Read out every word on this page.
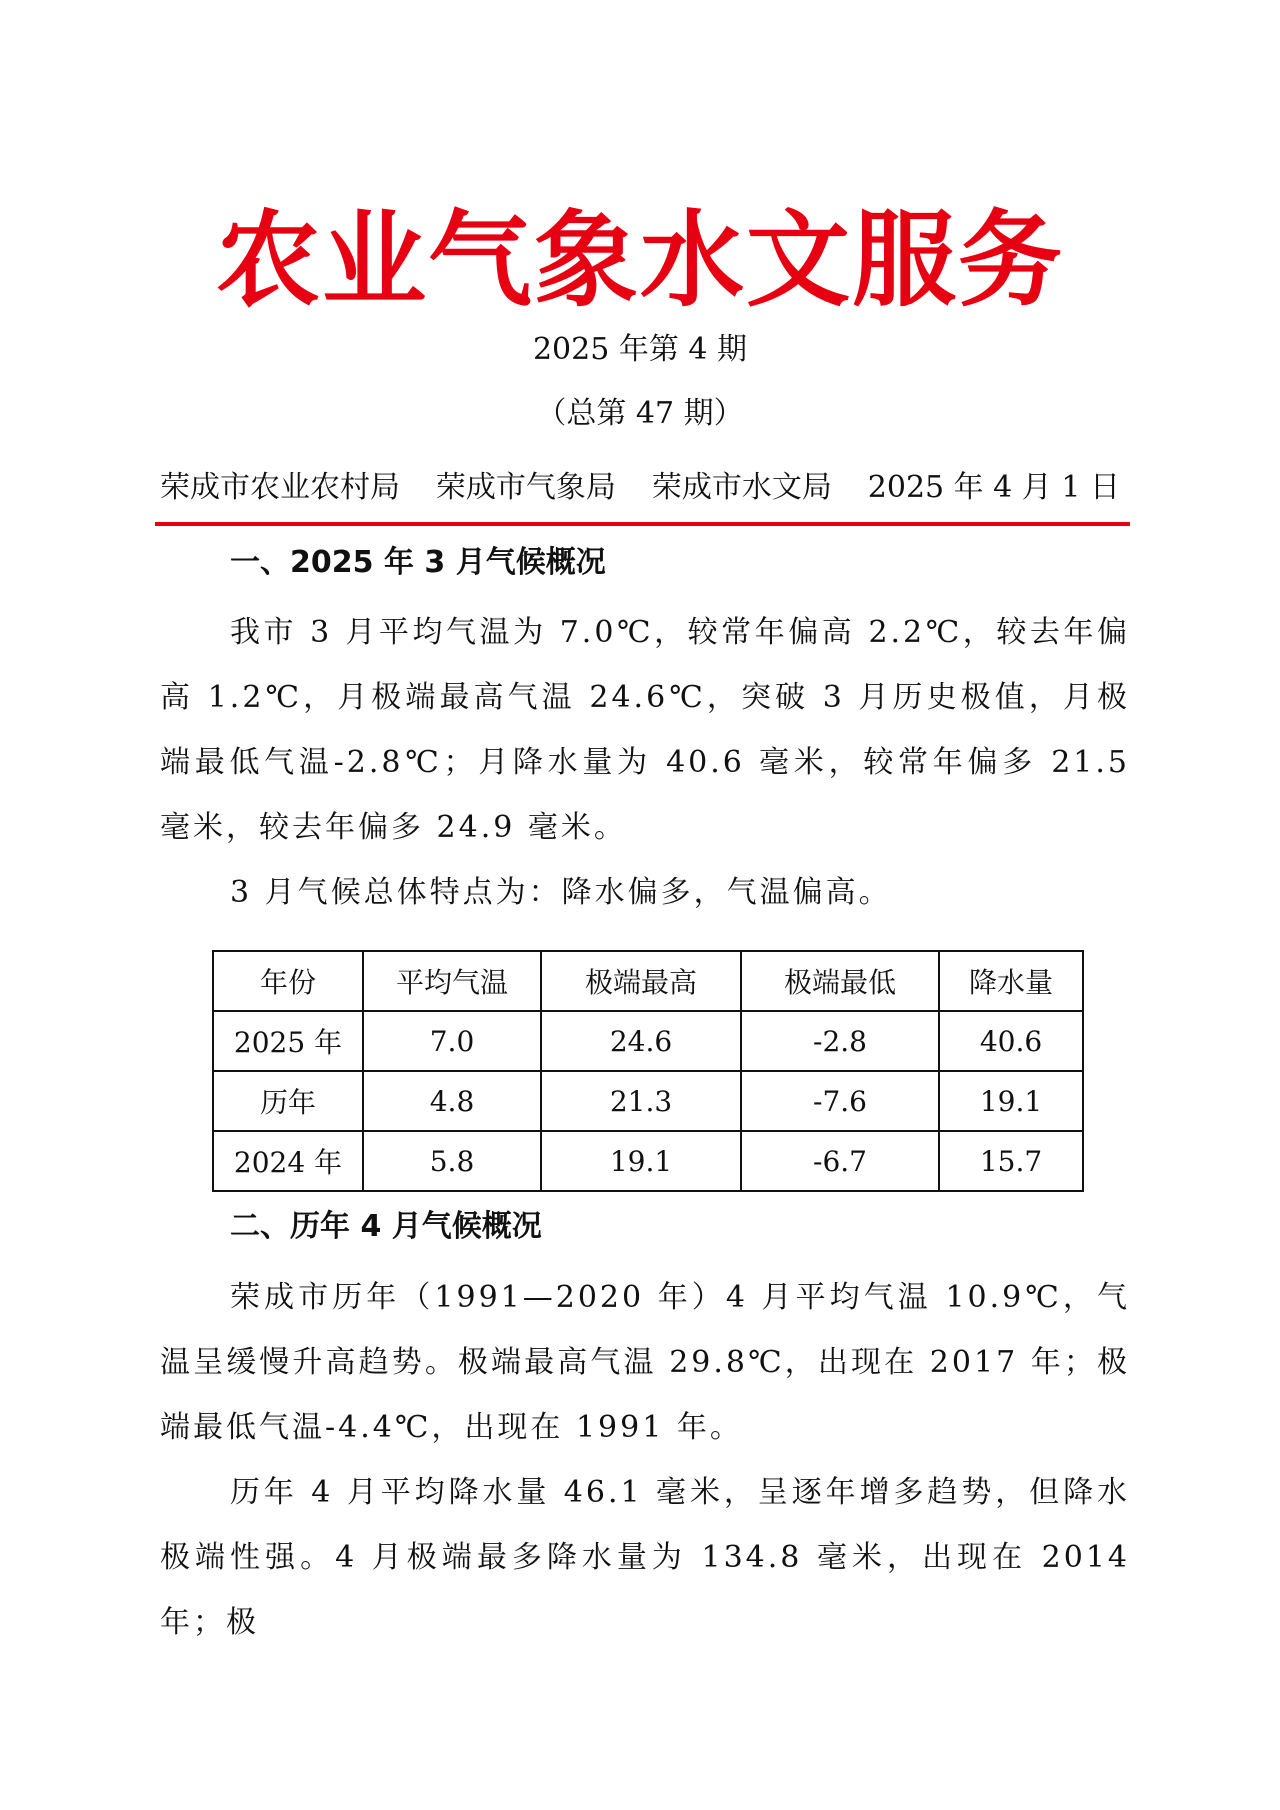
农业气象水文服务
2025 年第 4 期
（总第 47 期）
荣成市农业农村局 荣成市气象局 荣成市水文局 2025 年 4 月 1 日
一、2025 年 3 月气候概况
我市 3 月平均气温为 7.0℃，较常年偏高 2.2℃，较去年偏高 1.2℃，月极端最高气温 24.6℃，突破 3 月历史极值，月极端最低气温-2.8℃；月降水量为 40.6 毫米，较常年偏多 21.5 毫米，较去年偏多 24.9 毫米。
3 月气候总体特点为：降水偏多，气温偏高。
年份	平均气温	极端最高	极端最低	降水量
2025 年	7.0	24.6	-2.8	40.6
历年	4.8	21.3	-7.6	19.1
2024 年	5.8	19.1	-6.7	15.7
二、历年 4 月气候概况
荣成市历年（1991—2020 年）4 月平均气温 10.9℃，气温呈缓慢升高趋势。极端最高气温 29.8℃，出现在 2017 年；极端最低气温-4.4℃，出现在 1991 年。
历年 4 月平均降水量 46.1 毫米，呈逐年增多趋势，但降水极端性强。4 月极端最多降水量为 134.8 毫米，出现在 2014 年；极
